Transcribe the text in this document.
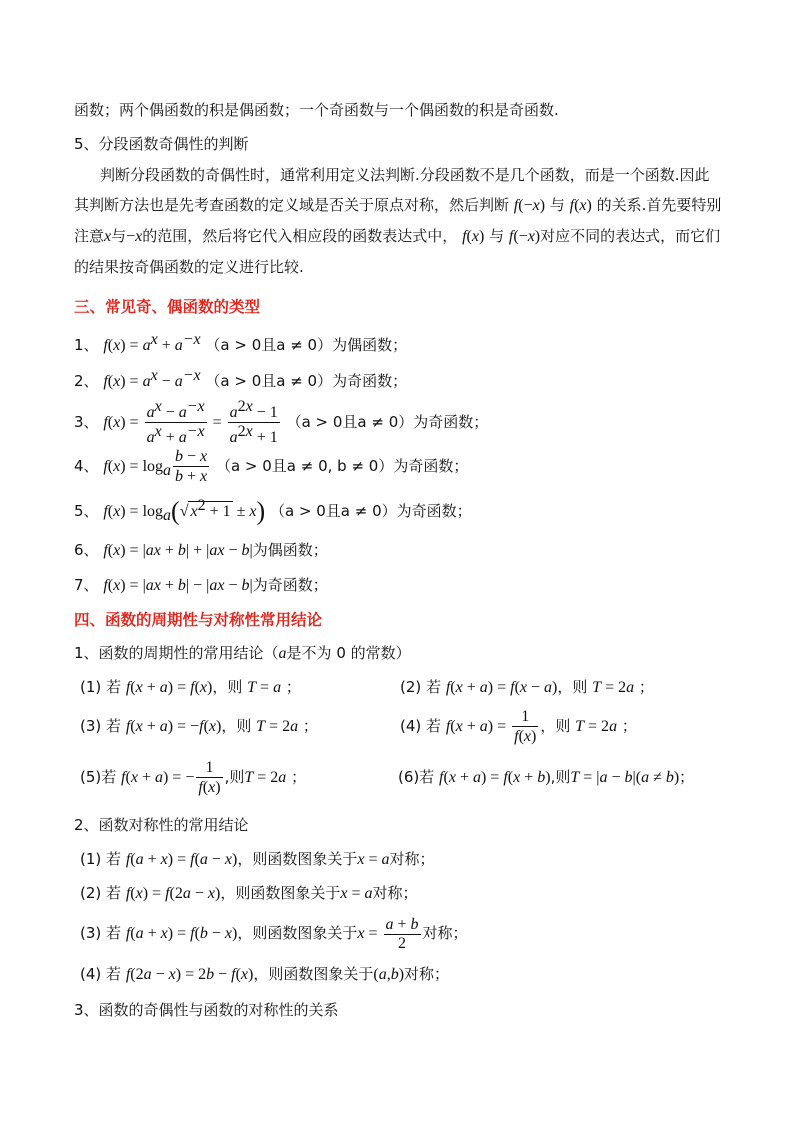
函数；两个偶函数的积是偶函数；一个奇函数与一个偶函数的积是奇函数.
5、分段函数奇偶性的判断
判断分段函数的奇偶性时，通常利用定义法判断.分段函数不是几个函数，而是一个函数.因此其判断方法也是先考查函数的定义域是否关于原点对称，然后判断 f(−x) 与 f(x) 的关系.首先要特别注意x与−x的范围，然后将它代入相应段的函数表达式中， f(x) 与 f(−x)对应不同的表达式，而它们的结果按奇偶函数的定义进行比较.
三、常见奇、偶函数的类型
1、 $f(x) = a^x + a^{-x}$ （a > 0且a ≠ 0）为偶函数；
2、 $f(x) = a^x - a^{-x}$ （a > 0且a ≠ 0）为奇函数；
3、 $f(x) = \frac{a^x - a^{-x}}{a^x + a^{-x}} = \frac{a^{2x} - 1}{a^{2x} + 1} (a > 0$且a ≠ 0）为奇函数；
4、 $f(x) = \log_a \frac{b - x}{b + x} (a > 0$且a ≠ 0, b ≠ 0）为奇函数；
5、 $f(x) = \log_a(√$ $x^2 + 1 \pm x$) （a > 0且a ≠ 0）为奇函数；
6、 f(x) = |ax + b| + |ax − b|为偶函数；
7、 f(x) = |ax + b| − |ax − b|为奇函数；
四、函数的周期性与对称性常用结论
1、函数的周期性的常用结论（a是不为 0 的常数）
(1) 若 f(x + a) = f(x)，则 T = a ；	(2) 若 f(x + a) = f(x − a)，则 T = 2a ；
(3) 若 f(x + a) = −f(x)，则 T = 2a ；	(4) 若 $f(x + a) = \frac{1}{f(x)}$ ，则 T = 2a ；
(5)若 f(x + a) = − $\frac{1}{f(x)}$ ,则T = 2a ；	(6)若 f(x + a) = f(x + b),则T = |a − b|(a ≠ b)；
2、函数对称性的常用结论
(1) 若 f(a + x) = f(a − x)，则函数图象关于x = a对称；
(2) 若 f(x) = f(2a − x)，则函数图象关于x = a对称；
(3) 若 f(a + x) = f(b − x)，则函数图象关于$x = \frac{a + b}{2}$ 对称；
(4) 若 f(2a − x) = 2b − f(x)，则函数图象关于(a,b)对称；
3、函数的奇偶性与函数的对称性的关系
